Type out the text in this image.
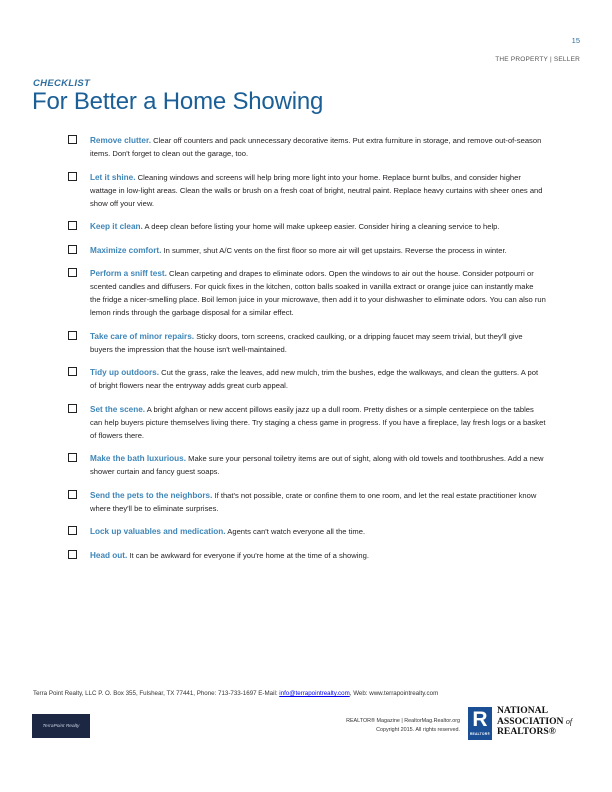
15
THE PROPERTY | SELLER
CHECKLIST
For Better a Home Showing
Remove clutter. Clear off counters and pack unnecessary decorative items. Put extra furniture in storage, and remove out-of-season items. Don't forget to clean out the garage, too.
Let it shine. Cleaning windows and screens will help bring more light into your home. Replace burnt bulbs, and consider higher wattage in low-light areas. Clean the walls or brush on a fresh coat of bright, neutral paint. Replace heavy curtains with sheer ones and show off your view.
Keep it clean. A deep clean before listing your home will make upkeep easier. Consider hiring a cleaning service to help.
Maximize comfort. In summer, shut A/C vents on the first floor so more air will get upstairs. Reverse the process in winter.
Perform a sniff test. Clean carpeting and drapes to eliminate odors. Open the windows to air out the house. Consider potpourri or scented candles and diffusers. For quick fixes in the kitchen, cotton balls soaked in vanilla extract or orange juice can instantly make the fridge a nicer-smelling place. Boil lemon juice in your microwave, then add it to your dishwasher to eliminate odors. You can also run lemon rinds through the garbage disposal for a similar effect.
Take care of minor repairs. Sticky doors, torn screens, cracked caulking, or a dripping faucet may seem trivial, but they'll give buyers the impression that the house isn't well-maintained.
Tidy up outdoors. Cut the grass, rake the leaves, add new mulch, trim the bushes, edge the walkways, and clean the gutters. A pot of bright flowers near the entryway adds great curb appeal.
Set the scene. A bright afghan or new accent pillows easily jazz up a dull room. Pretty dishes or a simple centerpiece on the tables can help buyers picture themselves living there. Try staging a chess game in progress. If you have a fireplace, lay fresh logs or a basket of flowers there.
Make the bath luxurious. Make sure your personal toiletry items are out of sight, along with old towels and toothbrushes. Add a new shower curtain and fancy guest soaps.
Send the pets to the neighbors. If that's not possible, crate or confine them to one room, and let the real estate practitioner know where they'll be to eliminate surprises.
Lock up valuables and medication. Agents can't watch everyone all the time.
Head out. It can be awkward for everyone if you're home at the time of a showing.
Terra Point Realty, LLC P. O. Box 355, Fulshear, TX 77441, Phone: 713-733-1697 E-Mail: info@terrapointrealty.com, Web: www.terrapointrealty.com
TerraPoint Realty
REALTOR® Magazine | RealtorMag.Realtor.org
Copyright 2015. All rights reserved. R
REALTOR®
NATIONAL
ASSOCIATION of
REALTORS®
